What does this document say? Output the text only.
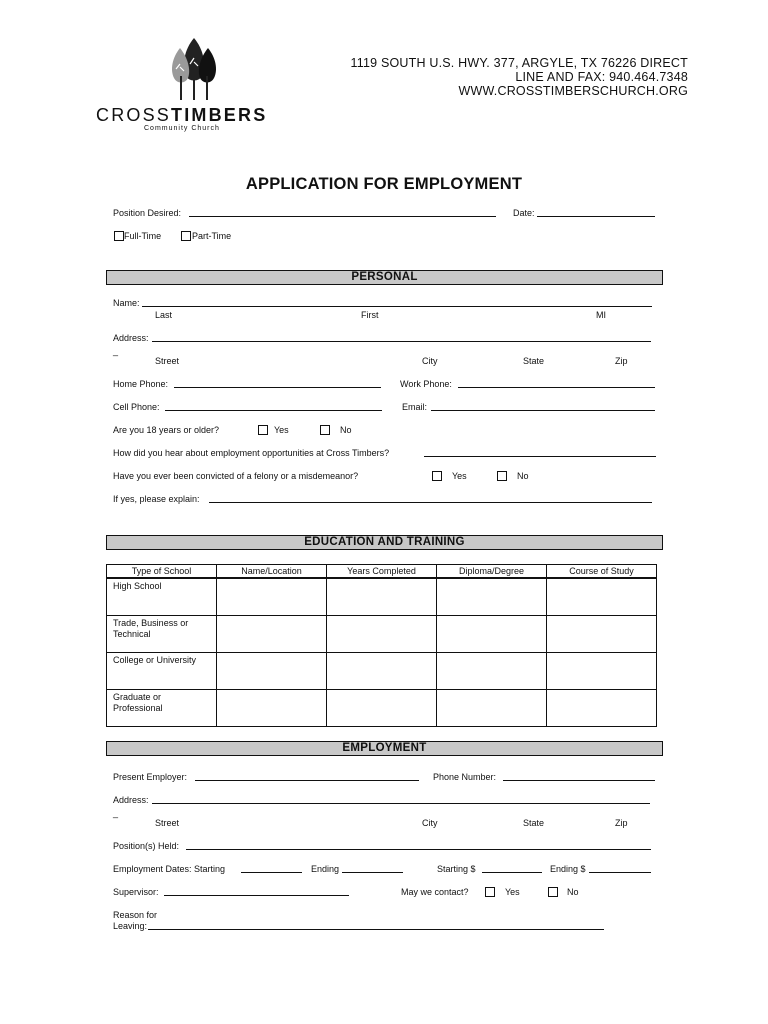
CROSSTIMBERS
Community Church
1119 SOUTH U.S. HWY. 377, ARGYLE, TX 76226 DIRECT
LINE AND FAX: 940.464.7348
WWW.CROSSTIMBERSCHURCH.ORG
APPLICATION FOR EMPLOYMENT
Position Desired:	Date:
Full-Time	Part-Time
PERSONAL
Name:
Last	First	MI
Address:
_
Street	City	State	Zip
Home Phone:	Work Phone:
Cell Phone:	Email:
Are you 18 years or older?	Yes	No
How did you hear about employment opportunities at Cross Timbers?
Have you ever been convicted of a felony or a misdemeanor?	Yes	No
If yes, please explain:
EDUCATION AND TRAINING
Type of School	Name/Location	Years Completed	Diploma/Degree	Course of Study
High School				
Trade, Business or
Technical				
College or University				
Graduate or
Professional				
EMPLOYMENT
Present Employer:	Phone Number:
Address:
_
Street	City	State	Zip
Position(s) Held:
Employment Dates: Starting	Ending	Starting $	Ending $
Supervisor:	May we contact?	Yes	No
Reason for
Leaving:
